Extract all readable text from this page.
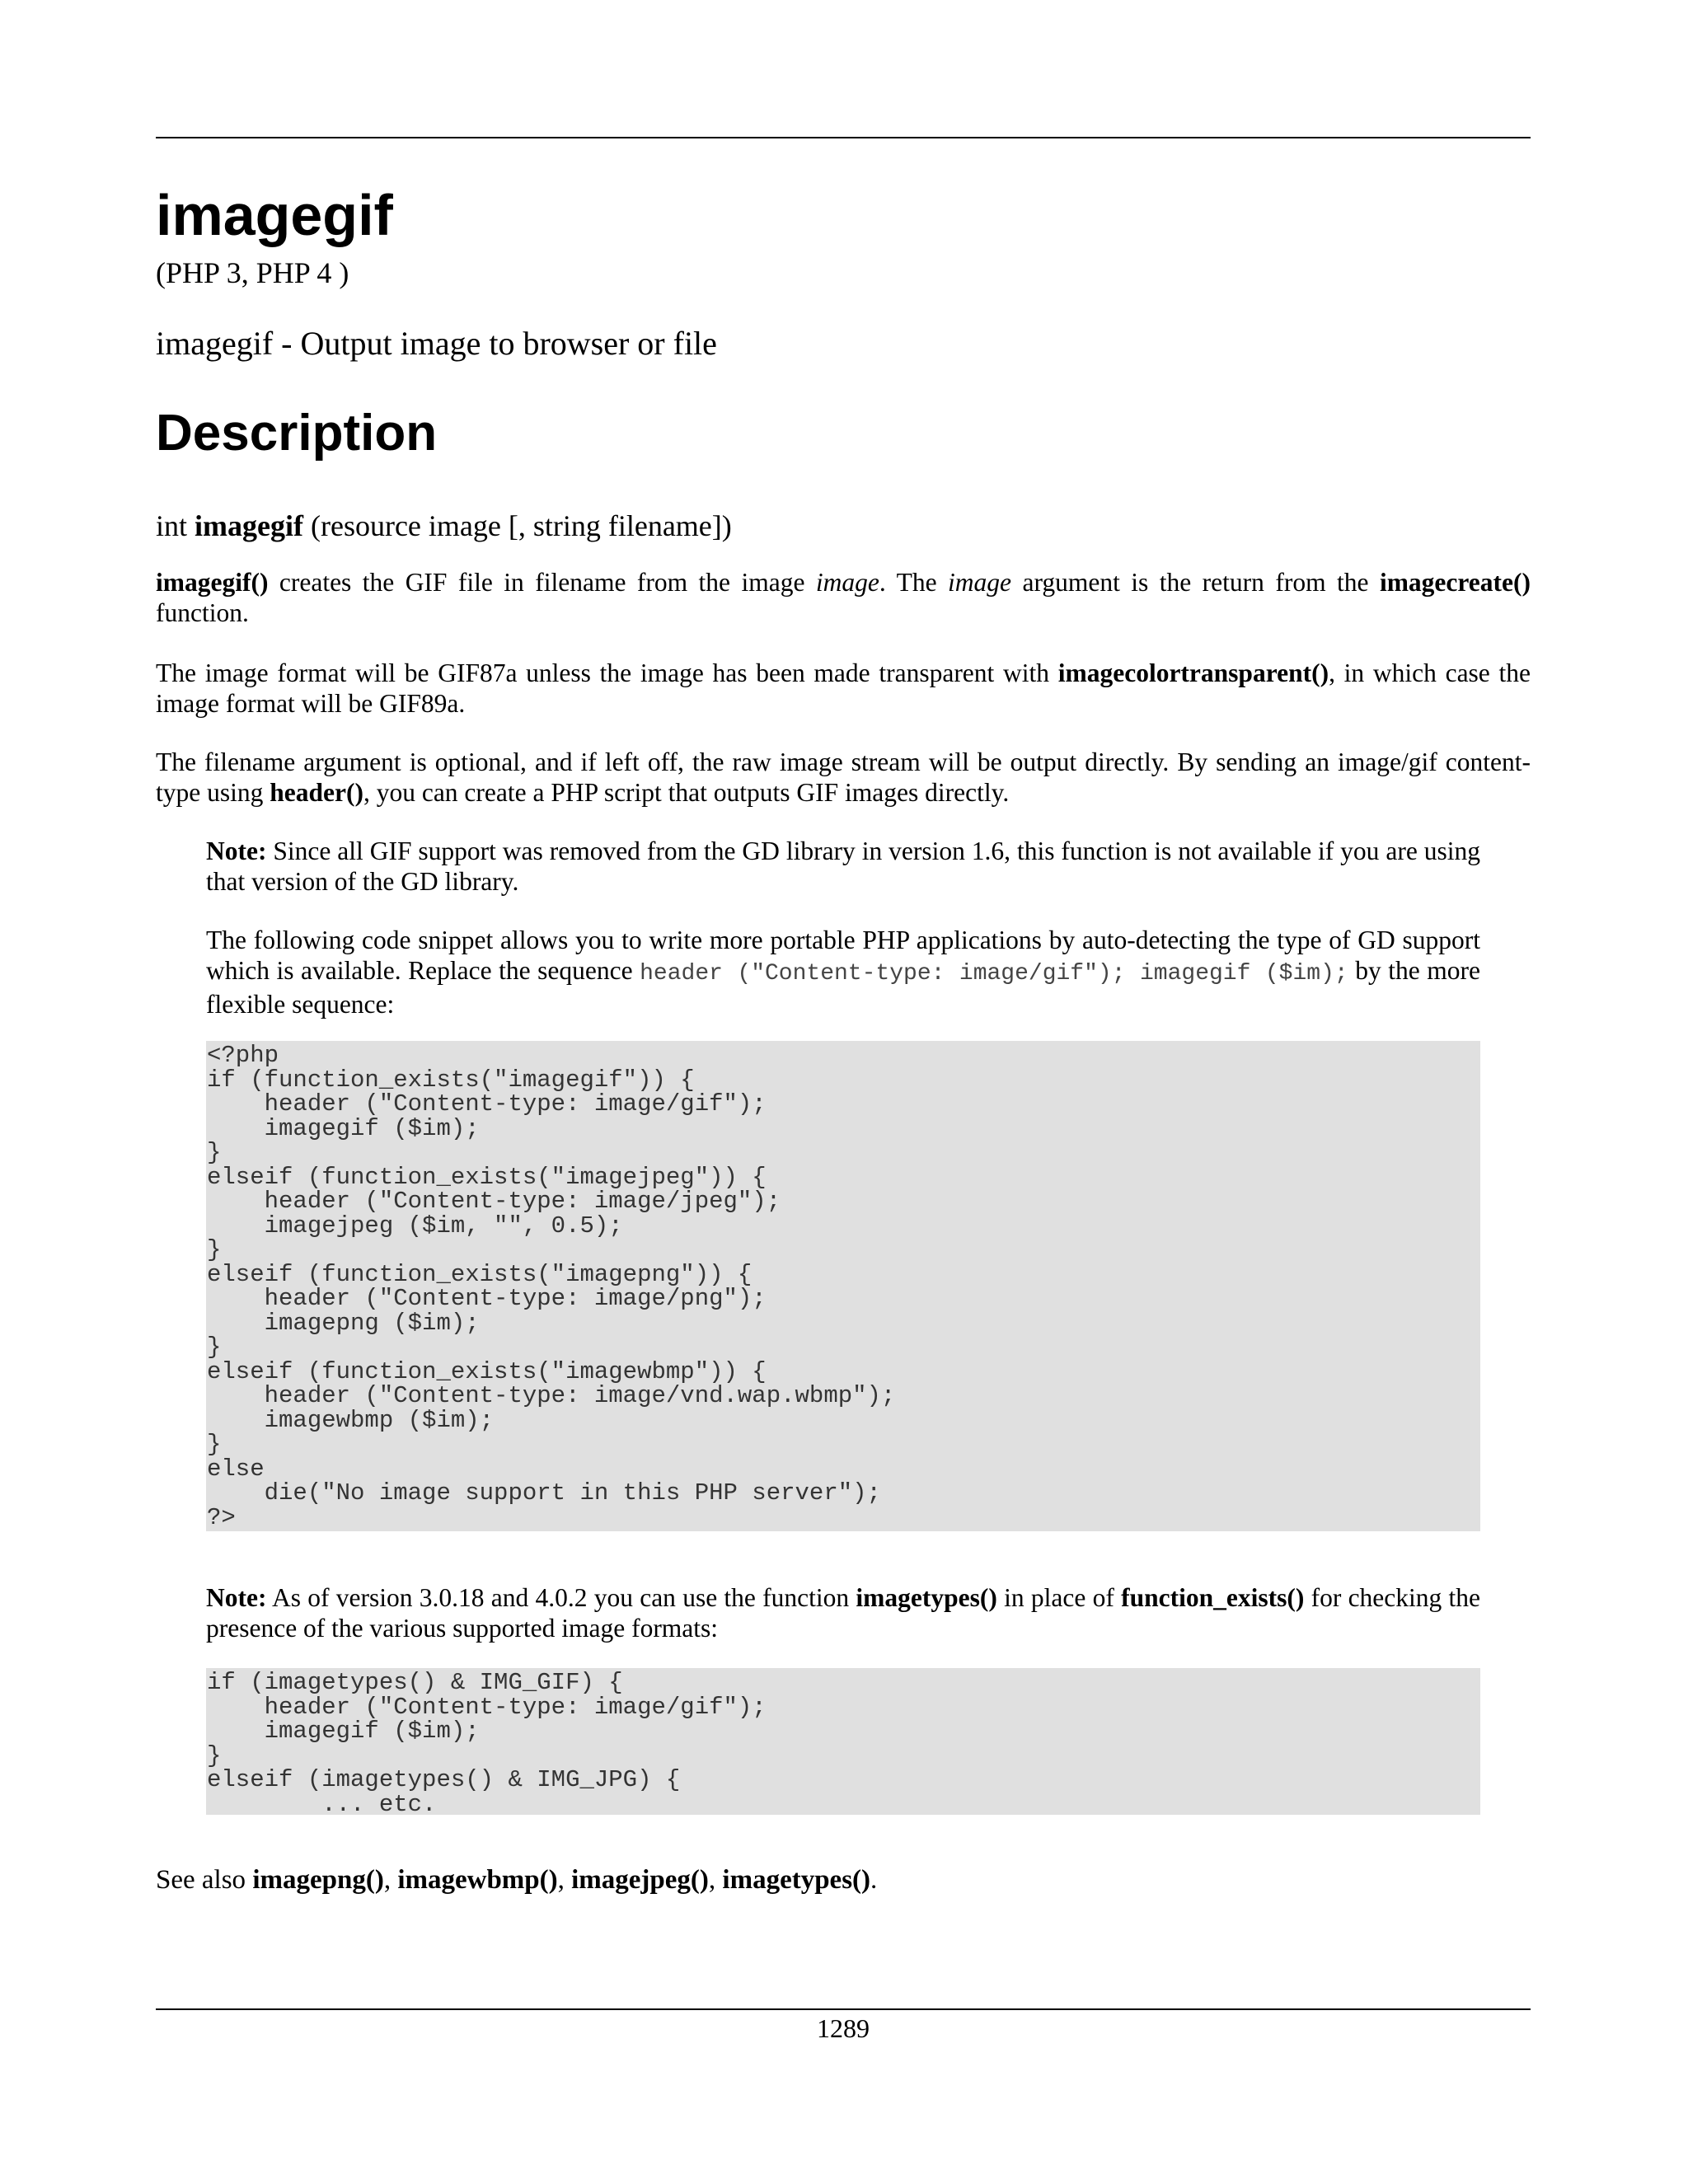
imagegif
(PHP 3, PHP 4 )
imagegif - Output image to browser or file
Description
int imagegif (resource image [, string filename])

imagegif() creates the GIF file in filename from the image image. The image argument is the return from the imagecreate() function.

The image format will be GIF87a unless the image has been made transparent with imagecolortransparent(), in which case the image format will be GIF89a.

The filename argument is optional, and if left off, the raw image stream will be output directly. By sending an image/gif content-type using header(), you can create a PHP script that outputs GIF images directly.

Note: Since all GIF support was removed from the GD library in version 1.6, this function is not available if you are using that version of the GD library.

The following code snippet allows you to write more portable PHP applications by auto-detecting the type of GD support which is available. Replace the sequence header ("Content-type: image/gif"); imagegif ($im); by the more flexible sequence:

<?php
if (function_exists("imagegif")) {
header ("Content-type: image/gif");
imagegif ($im);
}
elseif (function_exists("imagejpeg")) {
header ("Content-type: image/jpeg");
imagejpeg ($im, "", 0.5);
}
elseif (function_exists("imagepng")) {
header ("Content-type: image/png");
imagepng ($im);
}
elseif (function_exists("imagewbmp")) {
header ("Content-type: image/vnd.wap.wbmp");
imagewbmp ($im);
}
else
die("No image support in this PHP server");
?>

Note: As of version 3.0.18 and 4.0.2 you can use the function imagetypes() in place of function_exists() for checking the presence of the various supported image formats:

if (imagetypes() & IMG_GIF) {
header ("Content-type: image/gif");
imagegif ($im);
}
elseif (imagetypes() & IMG_JPG) {
... etc.
See also imagepng(), imagewbmp(), imagejpeg(), imagetypes().
1289
